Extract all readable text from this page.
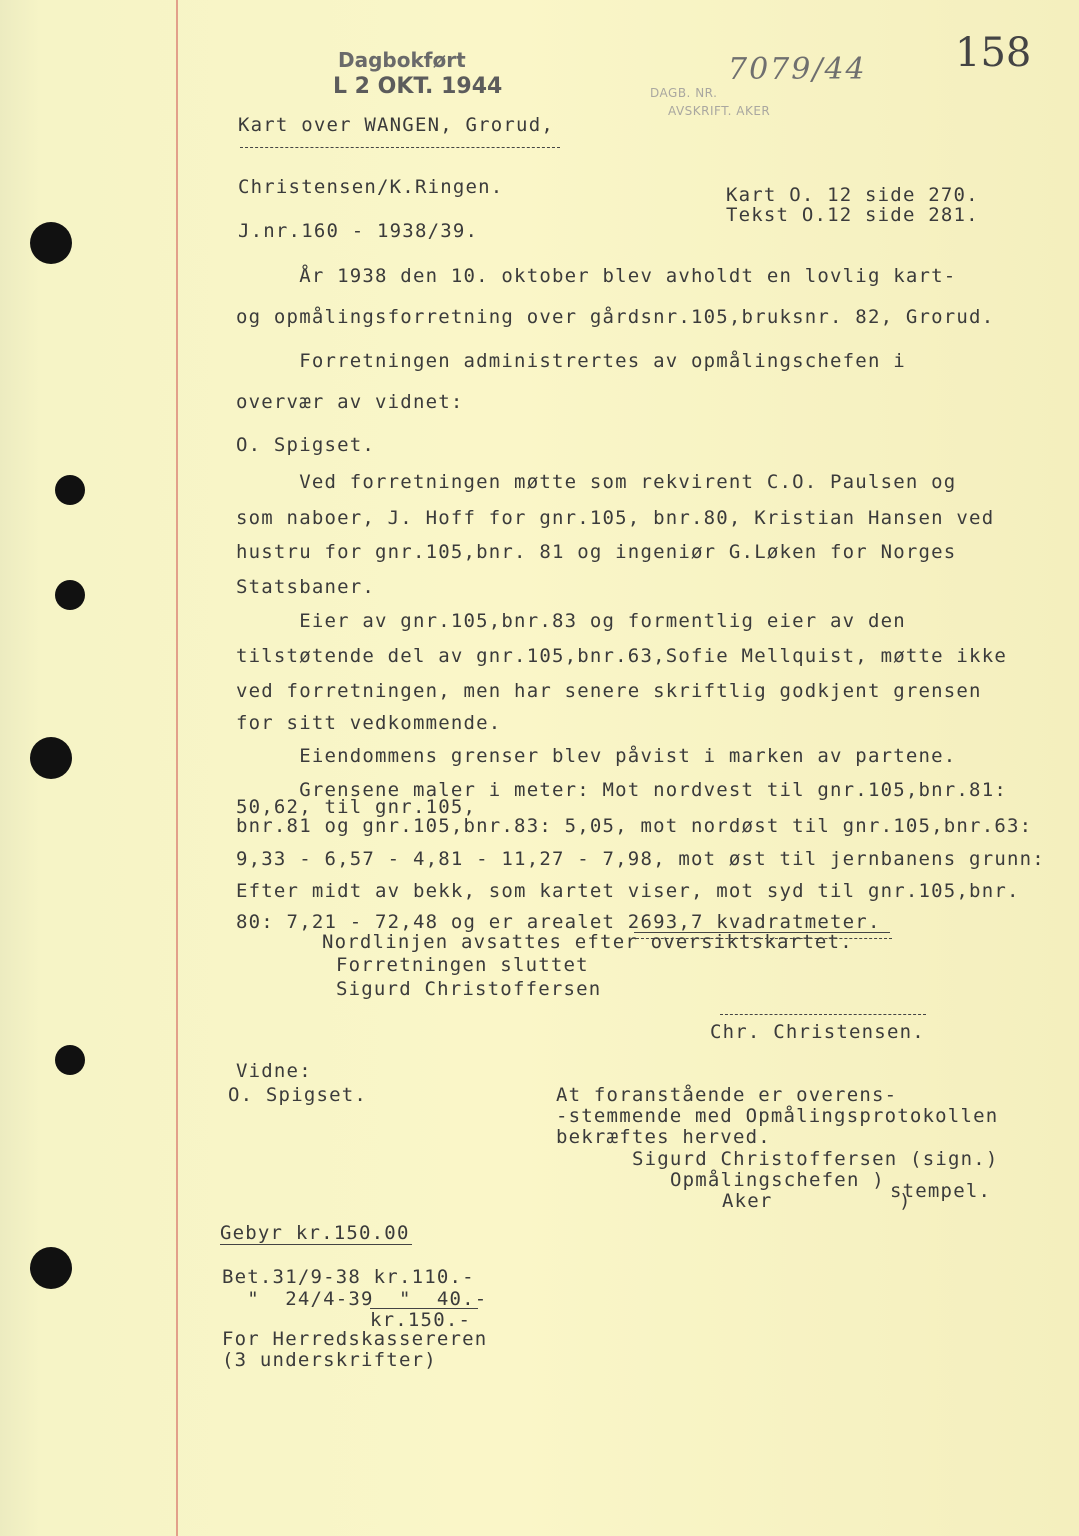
Dagbokført
L 2 OKT. 1944	DAGB. NR.
AVSKRIFT. AKER
7079/44 158
Kart over WANGEN, Grorud,
Christensen/K.Ringen.
J.nr.160 - 1938/39.
Kart O. 12 side 270.
Tekst O.12 side 281.
År 1938 den 10. oktober blev avholdt en lovlig kart-
og opmålingsforretning over gårdsnr.105,bruksnr. 82, Grorud.
Forretningen administrertes av opmålingschefen i
overvær av vidnet:
O. Spigset.
Ved forretningen møtte som rekvirent C.O. Paulsen og
som naboer, J. Hoff for gnr.105, bnr.80, Kristian Hansen ved
hustru for gnr.105,bnr. 81 og ingeniør G.Løken for Norges
Statsbaner.
Eier av gnr.105,bnr.83 og formentlig eier av den
tilstøtende del av gnr.105,bnr.63,Sofie Mellquist, møtte ikke
ved forretningen, men har senere skriftlig godkjent grensen
for sitt vedkommende.
Eiendommens grenser blev påvist i marken av partene.
Grensene maler i meter: Mot nordvest til gnr.105,bnr.81:
50,62, til gnr.105,
bnr.81 og gnr.105,bnr.83: 5,05, mot nordøst til gnr.105,bnr.63:
9,33 - 6,57 - 4,81 - 11,27 - 7,98, mot øst til jernbanens grunn:
Efter midt av bekk, som kartet viser, mot syd til gnr.105,bnr.
80: 7,21 - 72,48 og er arealet 2693,7 kvadratmeter.
Nordlinjen avsattes efter oversiktskartet.
Forretningen sluttet
Sigurd Christoffersen
Chr. Christensen.
Vidne:
O. Spigset.	At foranstående er overens-
-stemmende med Opmålingsprotokollen
bekræftes herved.
Sigurd Christoffersen (sign.)
Opmålingschefen )
Aker          )
stempel.
Gebyr kr.150.00
Bet.31/9-38 kr.110.-
"  24/4-39  "  40.-
kr.150.-
For Herredskassereren
(3 underskrifter)
